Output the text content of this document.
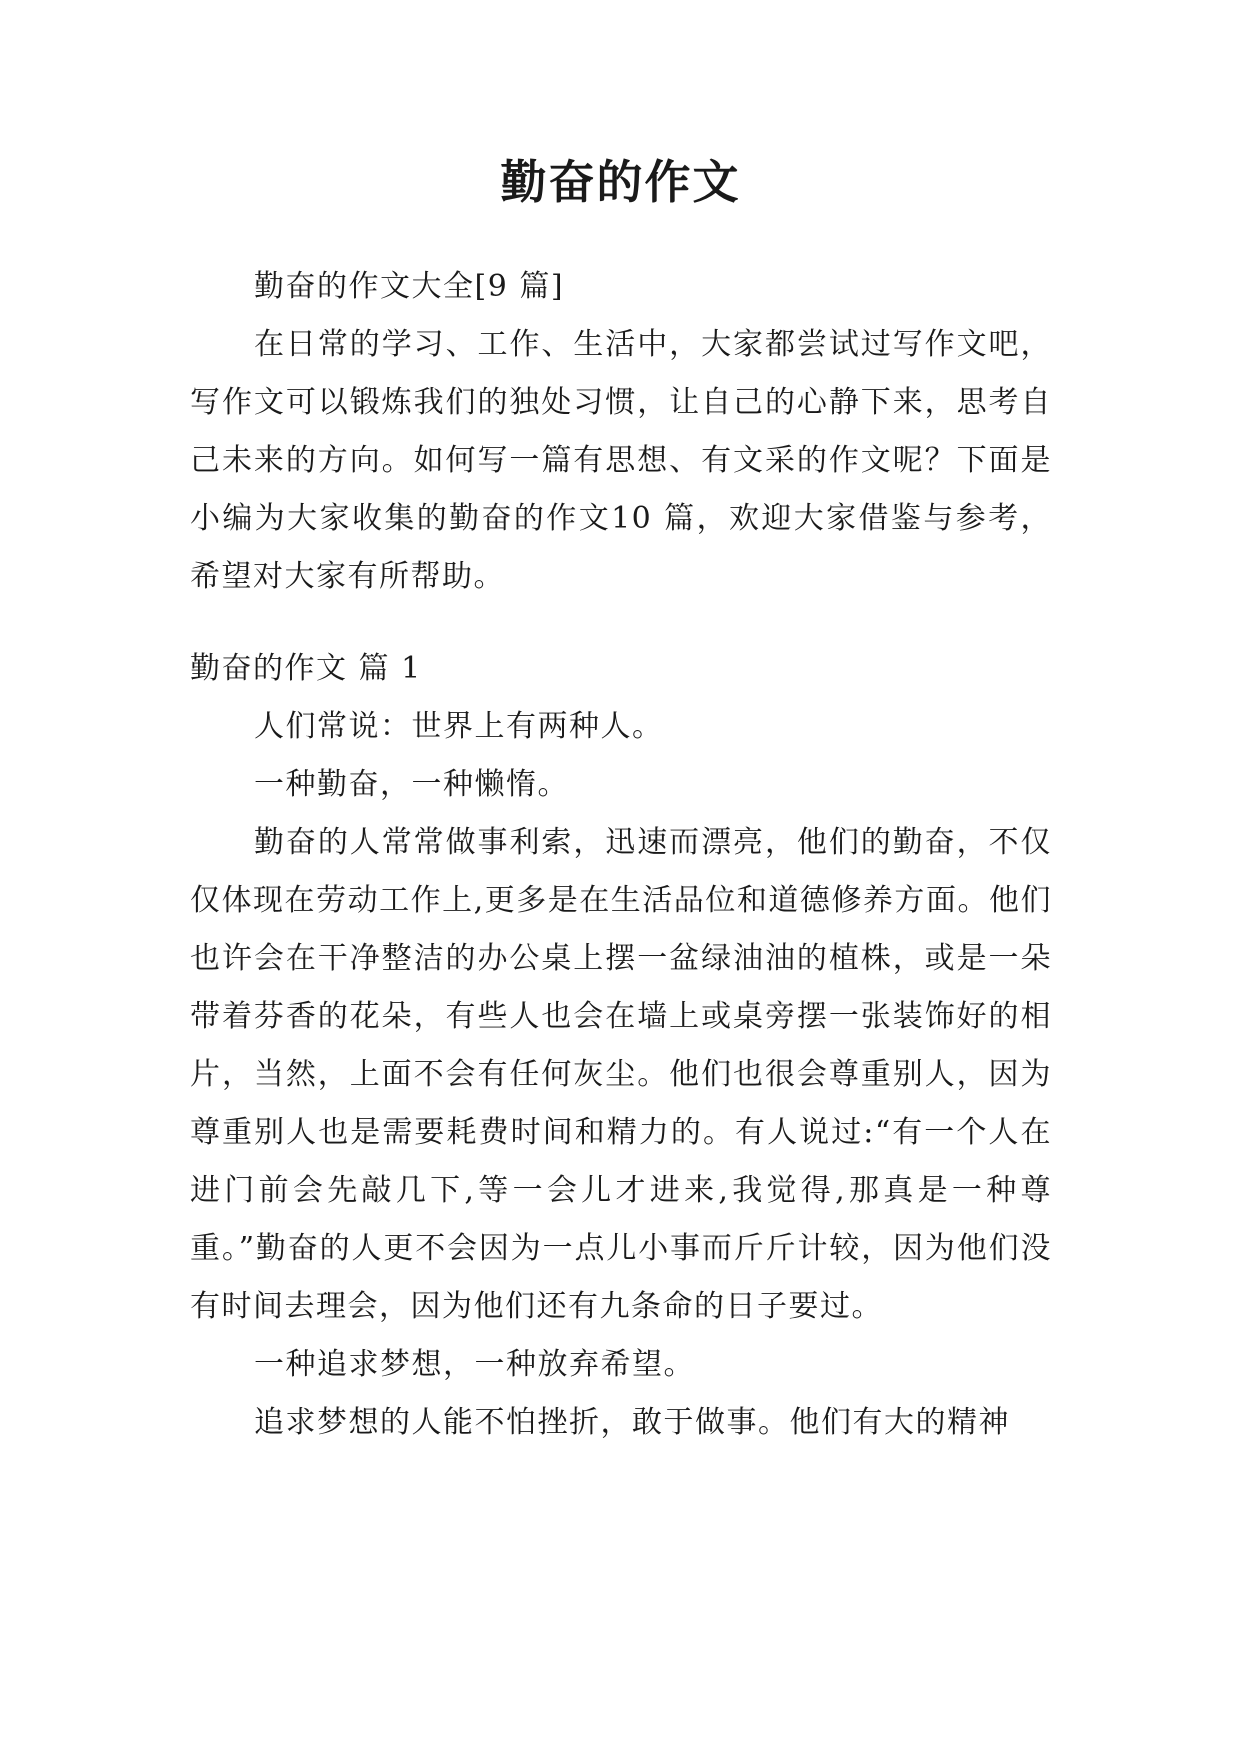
勤奋的作文

勤奋的作文大全[9 篇]

在日常的学习、工作、生活中，大家都尝试过写作文吧，写作文可以锻炼我们的独处习惯，让自己的心静下来，思考自己未来的方向。如何写一篇有思想、有文采的作文呢？下面是小编为大家收集的勤奋的作文10 篇，欢迎大家借鉴与参考，希望对大家有所帮助。

勤奋的作文 篇 1

人们常说：世界上有两种人。

一种勤奋，一种懒惰。

勤奋的人常常做事利索，迅速而漂亮，他们的勤奋，不仅仅体现在劳动工作上,更多是在生活品位和道德修养方面。他们也许会在干净整洁的办公桌上摆一盆绿油油的植株，或是一朵带着芬香的花朵，有些人也会在墙上或桌旁摆一张装饰好的相片，当然，上面不会有任何灰尘。他们也很会尊重别人，因为尊重别人也是需要耗费时间和精力的。有人说过:“有一个人在进门前会先敲几下,等一会儿才进来,我觉得,那真是一种尊重。”勤奋的人更不会因为一点儿小事而斤斤计较，因为他们没有时间去理会，因为他们还有九条命的日子要过。

一种追求梦想，一种放弃希望。

追求梦想的人能不怕挫折，敢于做事。他们有大的精神
